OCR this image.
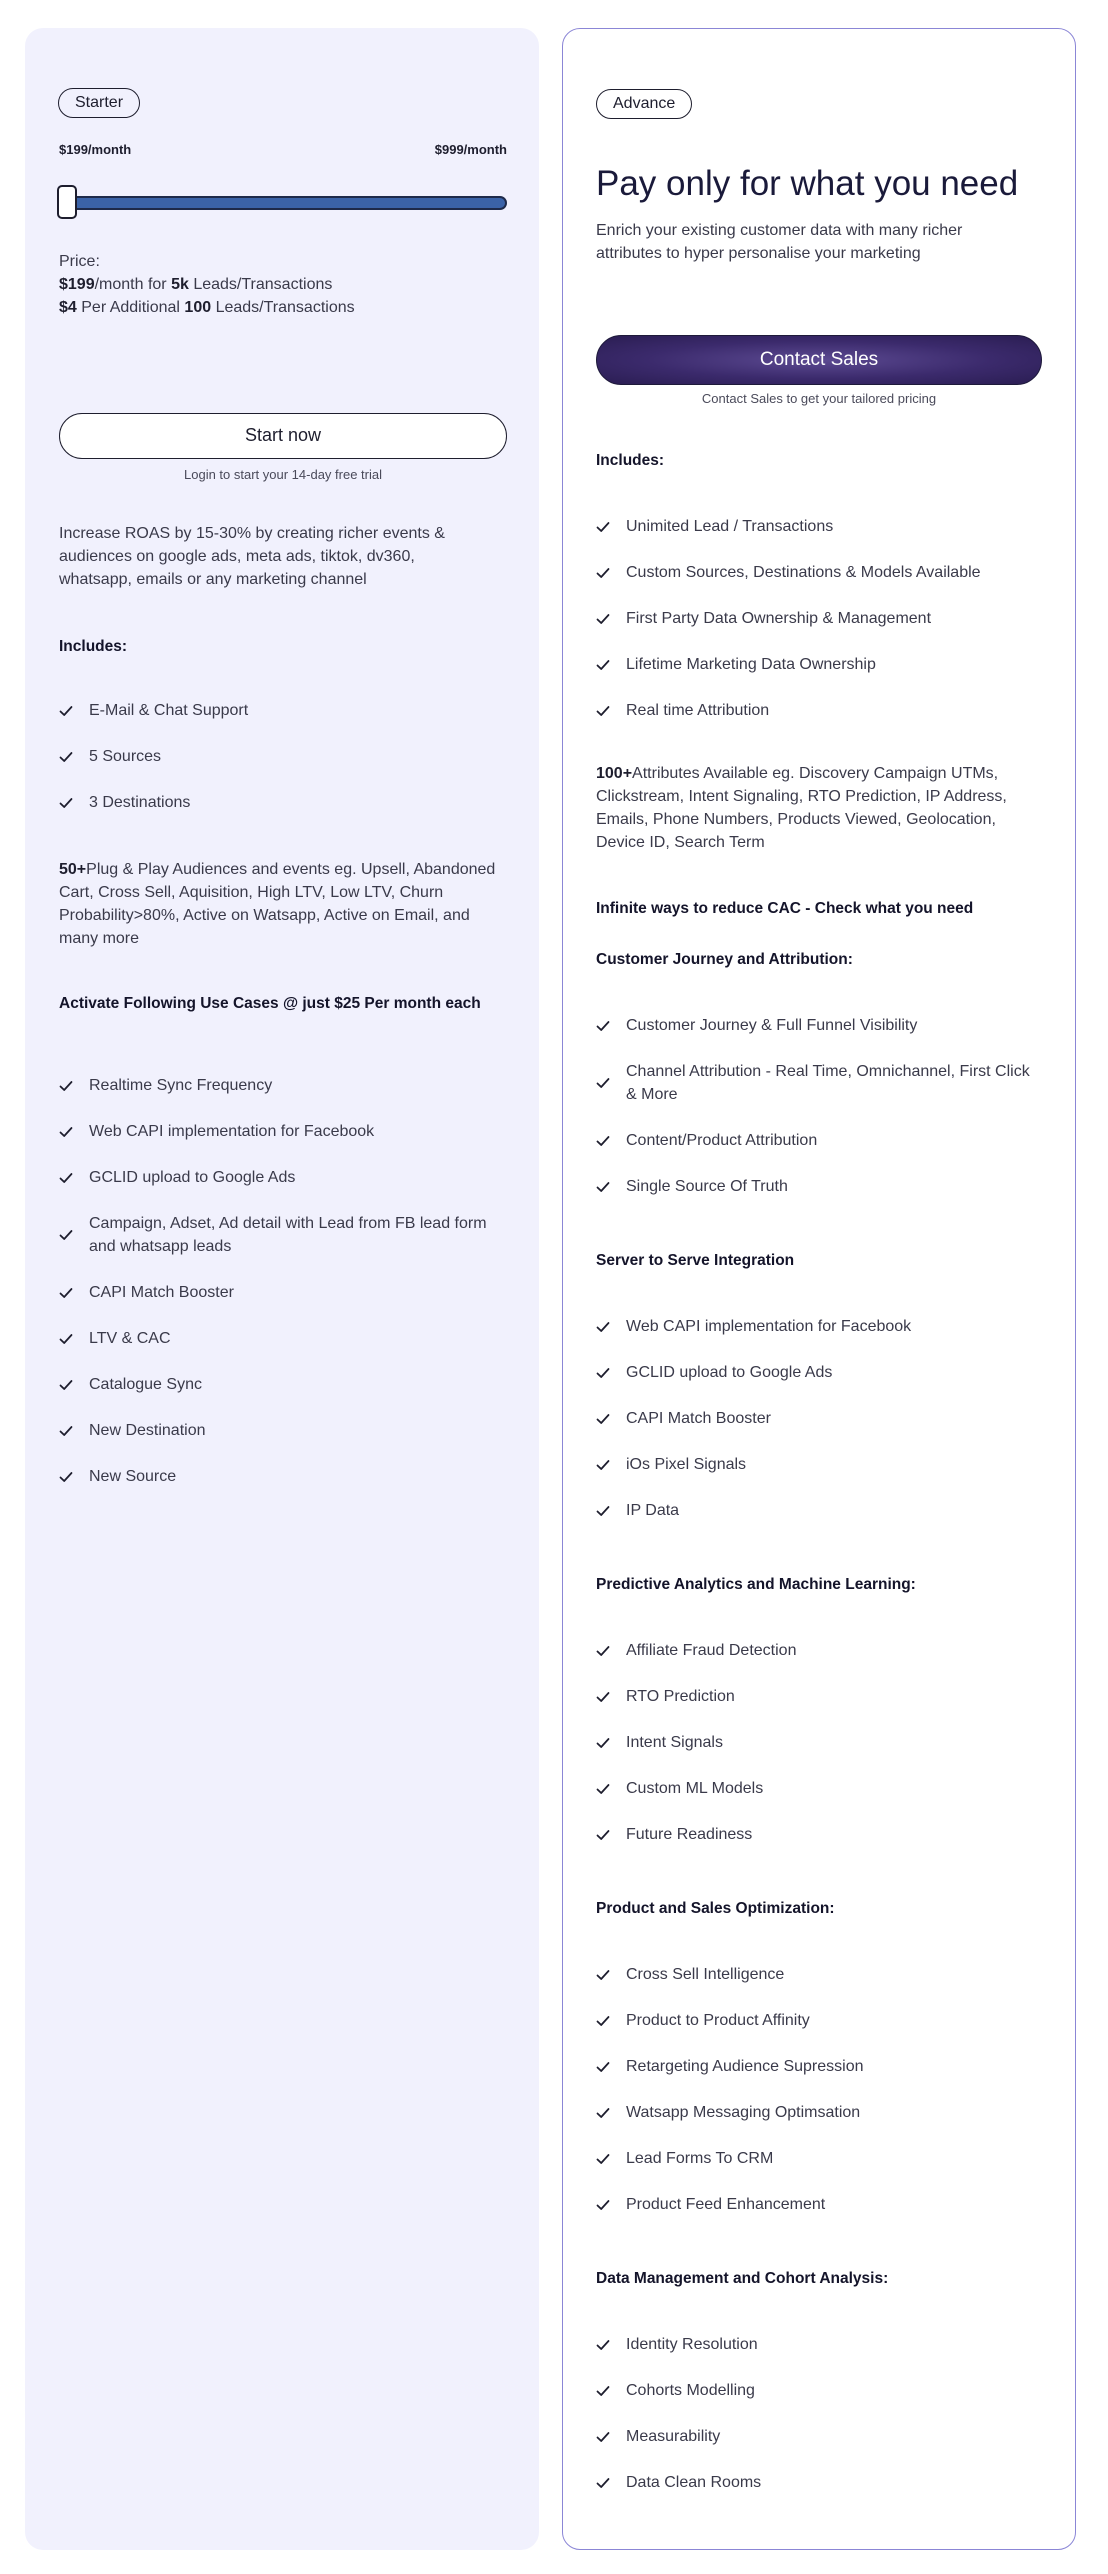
Starter
$199/month	$999/month
Price:
$199/month for 5k Leads/Transactions
$4 Per Additional 100 Leads/Transactions
Start now
Login to start your 14-day free trial
Increase ROAS by 15-30% by creating richer events &
audiences on google ads, meta ads, tiktok, dv360,
whatsapp, emails or any marketing channel
Includes:
50+Plug & Play Audiences and events eg. Upsell, Abandoned
Cart, Cross Sell, Aquisition, High LTV, Low LTV, Churn
Probability>80%, Active on Watsapp, Active on Email, and
many more
Activate Following Use Cases @ just $25 Per month each
E-Mail & Chat Support
5 Sources
3 Destinations
Realtime Sync Frequency
Web CAPI implementation for Facebook
GCLID upload to Google Ads
Campaign, Adset, Ad detail with Lead from FB lead form
and whatsapp leads
CAPI Match Booster
LTV & CAC
Catalogue Sync
New Destination
New Source
Advance
Pay only for what you need
Enrich your existing customer data with many richer
attributes to hyper personalise your marketing
Contact Sales
Contact Sales to get your tailored pricing
Includes:
100+Attributes Available eg. Discovery Campaign UTMs,
Clickstream, Intent Signaling, RTO Prediction, IP Address,
Emails, Phone Numbers, Products Viewed, Geolocation,
Device ID, Search Term
Infinite ways to reduce CAC - Check what you need
Unimited Lead / Transactions
Custom Sources, Destinations & Models Available
First Party Data Ownership & Management
Lifetime Marketing Data Ownership
Real time Attribution
Customer Journey and Attribution:
Customer Journey & Full Funnel Visibility
Channel Attribution - Real Time, Omnichannel, First Click
& More
Content/Product Attribution
Single Source Of Truth
Server to Serve Integration
Web CAPI implementation for Facebook
GCLID upload to Google Ads
CAPI Match Booster
iOs Pixel Signals
IP Data
Predictive Analytics and Machine Learning:
Affiliate Fraud Detection
RTO Prediction
Intent Signals
Custom ML Models
Future Readiness
Product and Sales Optimization:
Cross Sell Intelligence
Product to Product Affinity
Retargeting Audience Supression
Watsapp Messaging Optimsation
Lead Forms To CRM
Product Feed Enhancement
Data Management and Cohort Analysis:
Identity Resolution
Cohorts Modelling
Measurability
Data Clean Rooms
